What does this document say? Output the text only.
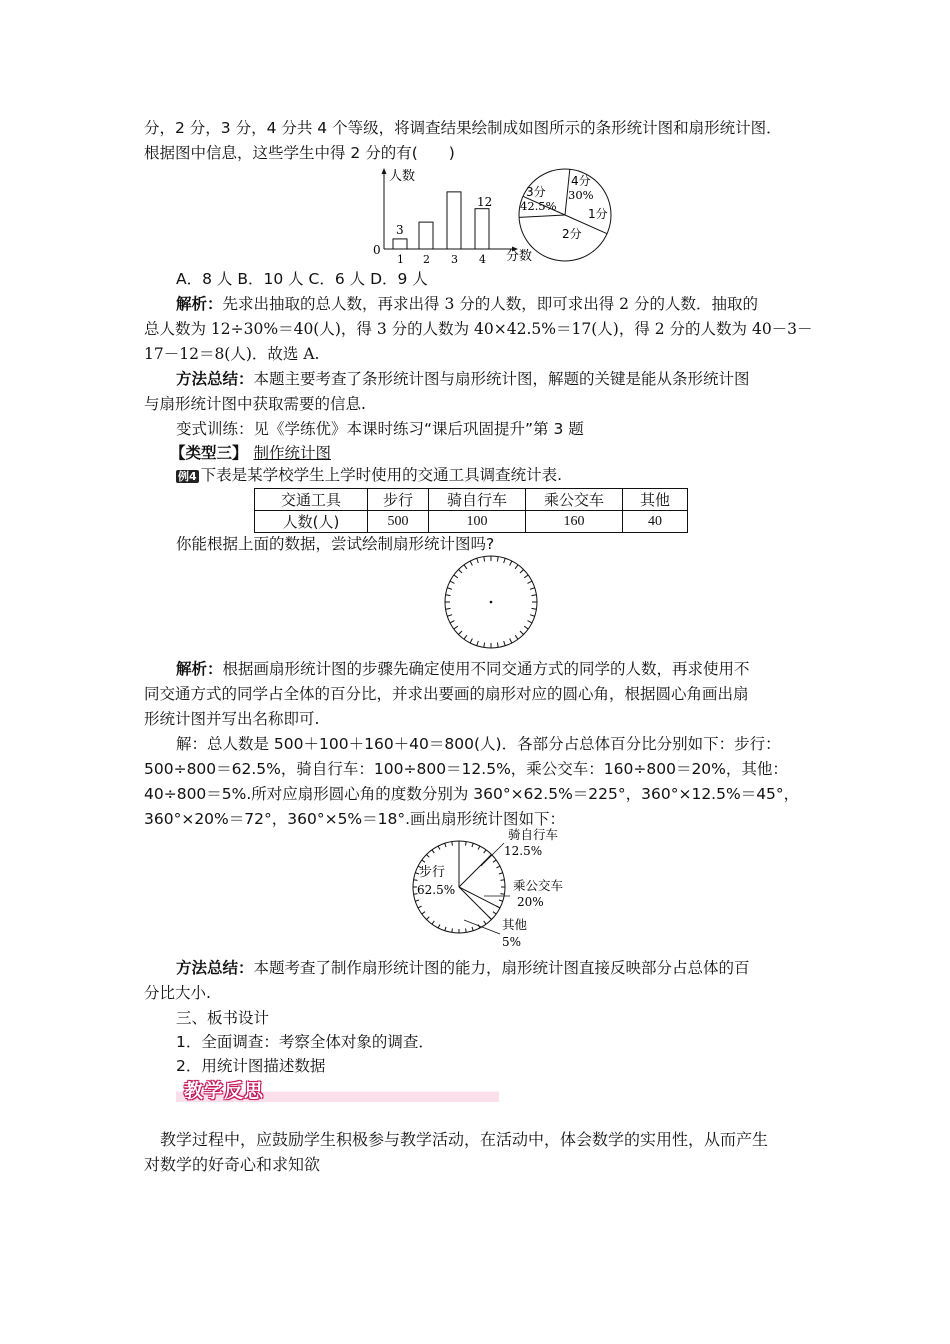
分，2 分，3 分，4 分共 4 个等级，将调查结果绘制成如图所示的条形统计图和扇形统计图．
根据图中信息，这些学生中得 2 分的有(　　)
人数
分数
0
1 2 3 4
3
12
4分
30%
3分
42.5%
1分
2分
A．8 人 B．10 人 C．6 人 D．9 人
解析：先求出抽取的总人数，再求出得 3 分的人数，即可求出得 2 分的人数．抽取的
总人数为 12÷30%＝40(人)，得 3 分的人数为 40×42.5%＝17(人)，得 2 分的人数为 40－3－
17－12＝8(人)．故选 A.
方法总结：本题主要考查了条形统计图与扇形统计图，解题的关键是能从条形统计图
与扇形统计图中获取需要的信息.
变式训练：见《学练优》本课时练习“课后巩固提升”第 3 题
【类型三】 制作统计图
例4 下表是某学校学生上学时使用的交通工具调查统计表.
交通工具	步行	骑自行车	乘公交车	其他
人数(人)	500	100	160	40
你能根据上面的数据，尝试绘制扇形统计图吗?
解析：根据画扇形统计图的步骤先确定使用不同交通方式的同学的人数，再求使用不
同交通方式的同学占全体的百分比，并求出要画的扇形对应的圆心角，根据圆心角画出扇
形统计图并写出名称即可.
解：总人数是 500＋100＋160＋40＝800(人)．各部分占总体百分比分别如下：步行：
500÷800＝62.5%，骑自行车：100÷800＝12.5%，乘公交车：160÷800＝20%，其他：
40÷800＝5%.所对应扇形圆心角的度数分别为 360°×62.5%＝225°，360°×12.5%＝45°，
360°×20%＝72°，360°×5%＝18°.画出扇形统计图如下：
骑自行车
12.5%
步行
62.5%	乘公交车
20%
其他
5%
方法总结：本题考查了制作扇形统计图的能力，扇形统计图直接反映部分占总体的百
分比大小.
三、板书设计
1．全面调查：考察全体对象的调查．
2．用统计图描述数据
教学反思
教学过程中，应鼓励学生积极参与教学活动，在活动中，体会数学的实用性，从而产生
对数学的好奇心和求知欲
